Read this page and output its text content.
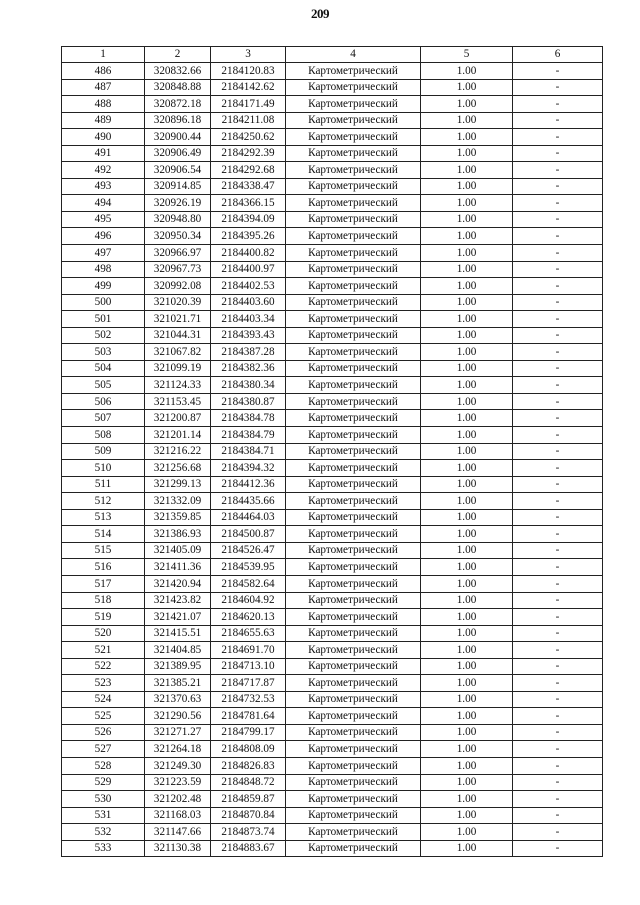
209
1	2	3	4	5	6
486	320832.66	2184120.83	Картометрический	1.00	-
487	320848.88	2184142.62	Картометрический	1.00	-
488	320872.18	2184171.49	Картометрический	1.00	-
489	320896.18	2184211.08	Картометрический	1.00	-
490	320900.44	2184250.62	Картометрический	1.00	-
491	320906.49	2184292.39	Картометрический	1.00	-
492	320906.54	2184292.68	Картометрический	1.00	-
493	320914.85	2184338.47	Картометрический	1.00	-
494	320926.19	2184366.15	Картометрический	1.00	-
495	320948.80	2184394.09	Картометрический	1.00	-
496	320950.34	2184395.26	Картометрический	1.00	-
497	320966.97	2184400.82	Картометрический	1.00	-
498	320967.73	2184400.97	Картометрический	1.00	-
499	320992.08	2184402.53	Картометрический	1.00	-
500	321020.39	2184403.60	Картометрический	1.00	-
501	321021.71	2184403.34	Картометрический	1.00	-
502	321044.31	2184393.43	Картометрический	1.00	-
503	321067.82	2184387.28	Картометрический	1.00	-
504	321099.19	2184382.36	Картометрический	1.00	-
505	321124.33	2184380.34	Картометрический	1.00	-
506	321153.45	2184380.87	Картометрический	1.00	-
507	321200.87	2184384.78	Картометрический	1.00	-
508	321201.14	2184384.79	Картометрический	1.00	-
509	321216.22	2184384.71	Картометрический	1.00	-
510	321256.68	2184394.32	Картометрический	1.00	-
511	321299.13	2184412.36	Картометрический	1.00	-
512	321332.09	2184435.66	Картометрический	1.00	-
513	321359.85	2184464.03	Картометрический	1.00	-
514	321386.93	2184500.87	Картометрический	1.00	-
515	321405.09	2184526.47	Картометрический	1.00	-
516	321411.36	2184539.95	Картометрический	1.00	-
517	321420.94	2184582.64	Картометрический	1.00	-
518	321423.82	2184604.92	Картометрический	1.00	-
519	321421.07	2184620.13	Картометрический	1.00	-
520	321415.51	2184655.63	Картометрический	1.00	-
521	321404.85	2184691.70	Картометрический	1.00	-
522	321389.95	2184713.10	Картометрический	1.00	-
523	321385.21	2184717.87	Картометрический	1.00	-
524	321370.63	2184732.53	Картометрический	1.00	-
525	321290.56	2184781.64	Картометрический	1.00	-
526	321271.27	2184799.17	Картометрический	1.00	-
527	321264.18	2184808.09	Картометрический	1.00	-
528	321249.30	2184826.83	Картометрический	1.00	-
529	321223.59	2184848.72	Картометрический	1.00	-
530	321202.48	2184859.87	Картометрический	1.00	-
531	321168.03	2184870.84	Картометрический	1.00	-
532	321147.66	2184873.74	Картометрический	1.00	-
533	321130.38	2184883.67	Картометрический	1.00	-
